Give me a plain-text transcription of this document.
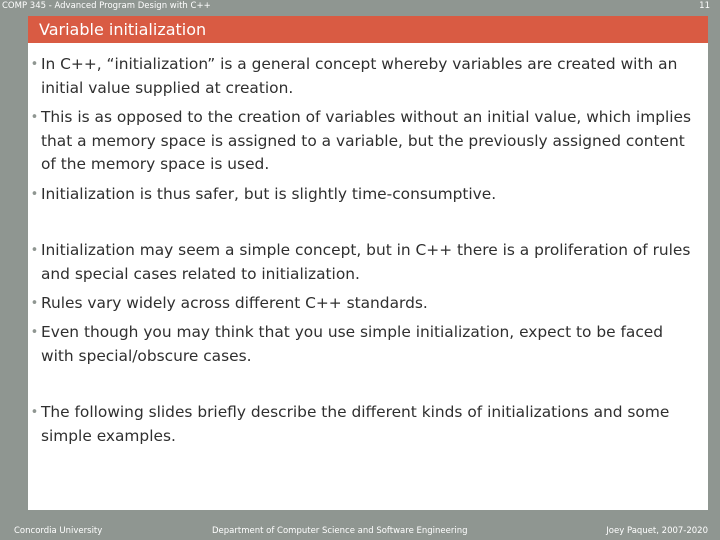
COMP 345 - Advanced Program Design with C++	11
Variable initialization
• In C++, “initialization” is a general concept whereby variables are created with an initial value supplied at creation.
• This is as opposed to the creation of variables without an initial value, which implies that a memory space is assigned to a variable, but the previously assigned content of the memory space is used.
• Initialization is thus safer, but is slightly time-consumptive.
• Initialization may seem a simple concept, but in C++ there is a proliferation of rules and special cases related to initialization.
• Rules vary widely across different C++ standards.
• Even though you may think that you use simple initialization, expect to be faced with special/obscure cases.
• The following slides briefly describe the different kinds of initializations and some simple examples.
Concordia University	Department of Computer Science and Software Engineering	Joey Paquet, 2007-2020
